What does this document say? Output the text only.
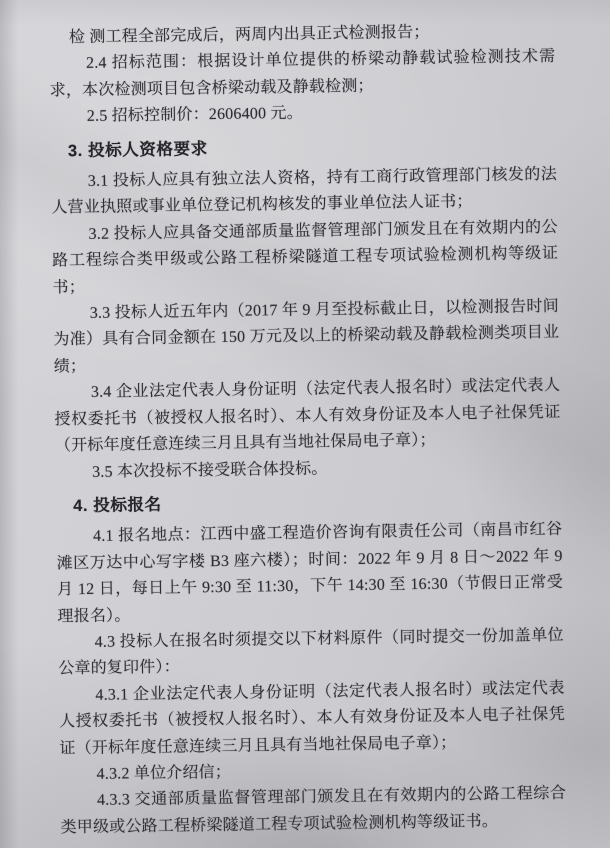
检 测工程全部完成后，两周内出具正式检测报告；

2.4 招标范围：根据设计单位提供的桥梁动静载试验检测技术需求，本次检测项目包含桥梁动载及静载检测；

2.5 招标控制价：2606400 元。

3. 投标人资格要求

3.1 投标人应具有独立法人资格，持有工商行政管理部门核发的法人营业执照或事业单位登记机构核发的事业单位法人证书；

3.2 投标人应具备交通部质量监督管理部门颁发且在有效期内的公路工程综合类甲级或公路工程桥梁隧道工程专项试验检测机构等级证书；

3.3 投标人近五年内（2017 年 9 月至投标截止日，以检测报告时间为准）具有合同金额在 150 万元及以上的桥梁动载及静载检测类项目业绩；

3.4 企业法定代表人身份证明（法定代表人报名时）或法定代表人授权委托书（被授权人报名时）、本人有效身份证及本人电子社保凭证（开标年度任意连续三月且具有当地社保局电子章）；

3.5 本次投标不接受联合体投标。

4. 投标报名

4.1 报名地点：江西中盛工程造价咨询有限责任公司（南昌市红谷滩区万达中心写字楼 B3 座六楼）；时间：2022 年 9 月 8 日～2022 年 9 月 12 日，每日上午 9:30 至 11:30，下午 14:30 至 16:30（节假日正常受理报名）。

4.3 投标人在报名时须提交以下材料原件（同时提交一份加盖单位公章的复印件）：

4.3.1 企业法定代表人身份证明（法定代表人报名时）或法定代表人授权委托书（被授权人报名时）、本人有效身份证及本人电子社保凭证（开标年度任意连续三月且具有当地社保局电子章）；

4.3.2 单位介绍信；

4.3.3 交通部质量监督管理部门颁发且在有效期内的公路工程综合类甲级或公路工程桥梁隧道工程专项试验检测机构等级证书。
